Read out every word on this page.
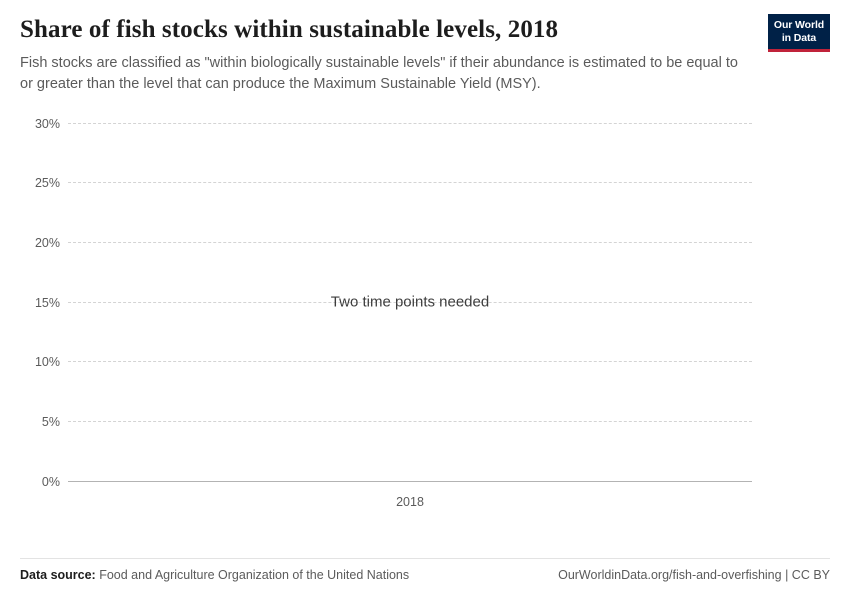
Share of fish stocks within sustainable levels, 2018

Fish stocks are classified as "within biologically sustainable levels" if their abundance is estimated to be equal to or greater than the level that can produce the Maximum Sustainable Yield (MSY).

Our World
in Data
30%
25%
20%
15%
10%
5%
0%
2018
Two time points needed
Data source: Food and Agriculture Organization of the United Nations	OurWorldinData.org/fish-and-overfishing | CC BY
